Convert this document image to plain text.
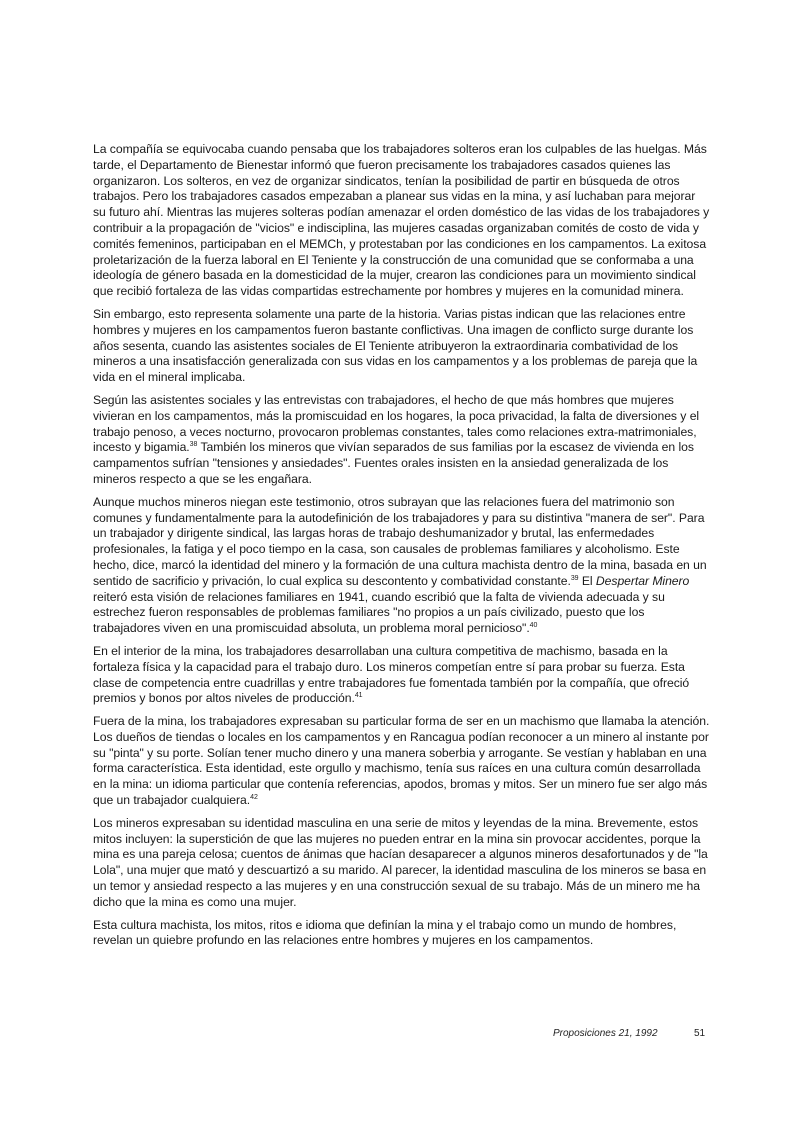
La compañía se equivocaba cuando pensaba que los trabajadores solteros eran los culpables de las huelgas. Más tarde, el Departamento de Bienestar informó que fueron precisamente los trabajadores casados quienes las organizaron. Los solteros, en vez de organizar sindicatos, tenían la posibilidad de partir en búsqueda de otros trabajos. Pero los trabajadores casados empezaban a planear sus vidas en la mina, y así luchaban para mejorar su futuro ahí. Mientras las mujeres solteras podían amenazar el orden doméstico de las vidas de los trabajadores y contribuir a la propagación de "vicios" e indisciplina, las mujeres casadas organizaban comités de costo de vida y comités femeninos, participaban en el MEMCh, y protestaban por las condiciones en los campamentos. La exitosa proletarización de la fuerza laboral en El Teniente y la construcción de una comunidad que se conformaba a una ideología de género basada en la domesticidad de la mujer, crearon las condiciones para un movimiento sindical que recibió fortaleza de las vidas compartidas estrechamente por hombres y mujeres en la comunidad minera.

Sin embargo, esto representa solamente una parte de la historia. Varias pistas indican que las relaciones entre hombres y mujeres en los campamentos fueron bastante conflictivas. Una imagen de conflicto surge durante los años sesenta, cuando las asistentes sociales de El Teniente atribuyeron la extraordinaria combatividad de los mineros a una insatisfacción generalizada con sus vidas en los campamentos y a los problemas de pareja que la vida en el mineral implicaba.

Según las asistentes sociales y las entrevistas con trabajadores, el hecho de que más hombres que mujeres vivieran en los campamentos, más la promiscuidad en los hogares, la poca privacidad, la falta de diversiones y el trabajo penoso, a veces nocturno, provocaron problemas constantes, tales como relaciones extra-matrimoniales, incesto y bigamia.$^{38}$ También los mineros que vivían separados de sus familias por la escasez de vivienda en los campamentos sufrían "tensiones y ansiedades". Fuentes orales insisten en la ansiedad generalizada de los mineros respecto a que se les engañara.

Aunque muchos mineros niegan este testimonio, otros subrayan que las relaciones fuera del matrimonio son comunes y fundamentalmente para la autodefinición de los trabajadores y para su distintiva "manera de ser". Para un trabajador y dirigente sindical, las largas horas de trabajo deshumanizador y brutal, las enfermedades profesionales, la fatiga y el poco tiempo en la casa, son causales de problemas familiares y alcoholismo. Este hecho, dice, marcó la identidad del minero y la formación de una cultura machista dentro de la mina, basada en un sentido de sacrificio y privación, lo cual explica su descontento y combatividad constante.$^{39}$ El Despertar Minero reiteró esta visión de relaciones familiares en 1941, cuando escribió que la falta de vivienda adecuada y su estrechez fueron responsables de problemas familiares "no propios a un país civilizado, puesto que los trabajadores viven en una promiscuidad absoluta, un problema moral pernicioso".$^{40}$

En el interior de la mina, los trabajadores desarrollaban una cultura competitiva de machismo, basada en la fortaleza física y la capacidad para el trabajo duro. Los mineros competían entre sí para probar su fuerza. Esta clase de competencia entre cuadrillas y entre trabajadores fue fomentada también por la compañía, que ofreció premios y bonos por altos niveles de producción.$^{41}$

Fuera de la mina, los trabajadores expresaban su particular forma de ser en un machismo que llamaba la atención. Los dueños de tiendas o locales en los campamentos y en Rancagua podían reconocer a un minero al instante por su "pinta" y su porte. Solían tener mucho dinero y una manera soberbia y arrogante. Se vestían y hablaban en una forma característica. Esta identidad, este orgullo y machismo, tenía sus raíces en una cultura común desarrollada en la mina: un idioma particular que contenía referencias, apodos, bromas y mitos. Ser un minero fue ser algo más que un trabajador cualquiera.$^{42}$

Los mineros expresaban su identidad masculina en una serie de mitos y leyendas de la mina. Brevemente, estos mitos incluyen: la superstición de que las mujeres no pueden entrar en la mina sin provocar accidentes, porque la mina es una pareja celosa; cuentos de ánimas que hacían desaparecer a algunos mineros desafortunados y de "la Lola", una mujer que mató y descuartizó a su marido. Al parecer, la identidad masculina de los mineros se basa en un temor y ansiedad respecto a las mujeres y en una construcción sexual de su trabajo. Más de un minero me ha dicho que la mina es como una mujer.

Esta cultura machista, los mitos, ritos e idioma que definían la mina y el trabajo como un mundo de hombres, revelan un quiebre profundo en las relaciones entre hombres y mujeres en los campamentos.

Proposiciones 21, 1992	51
